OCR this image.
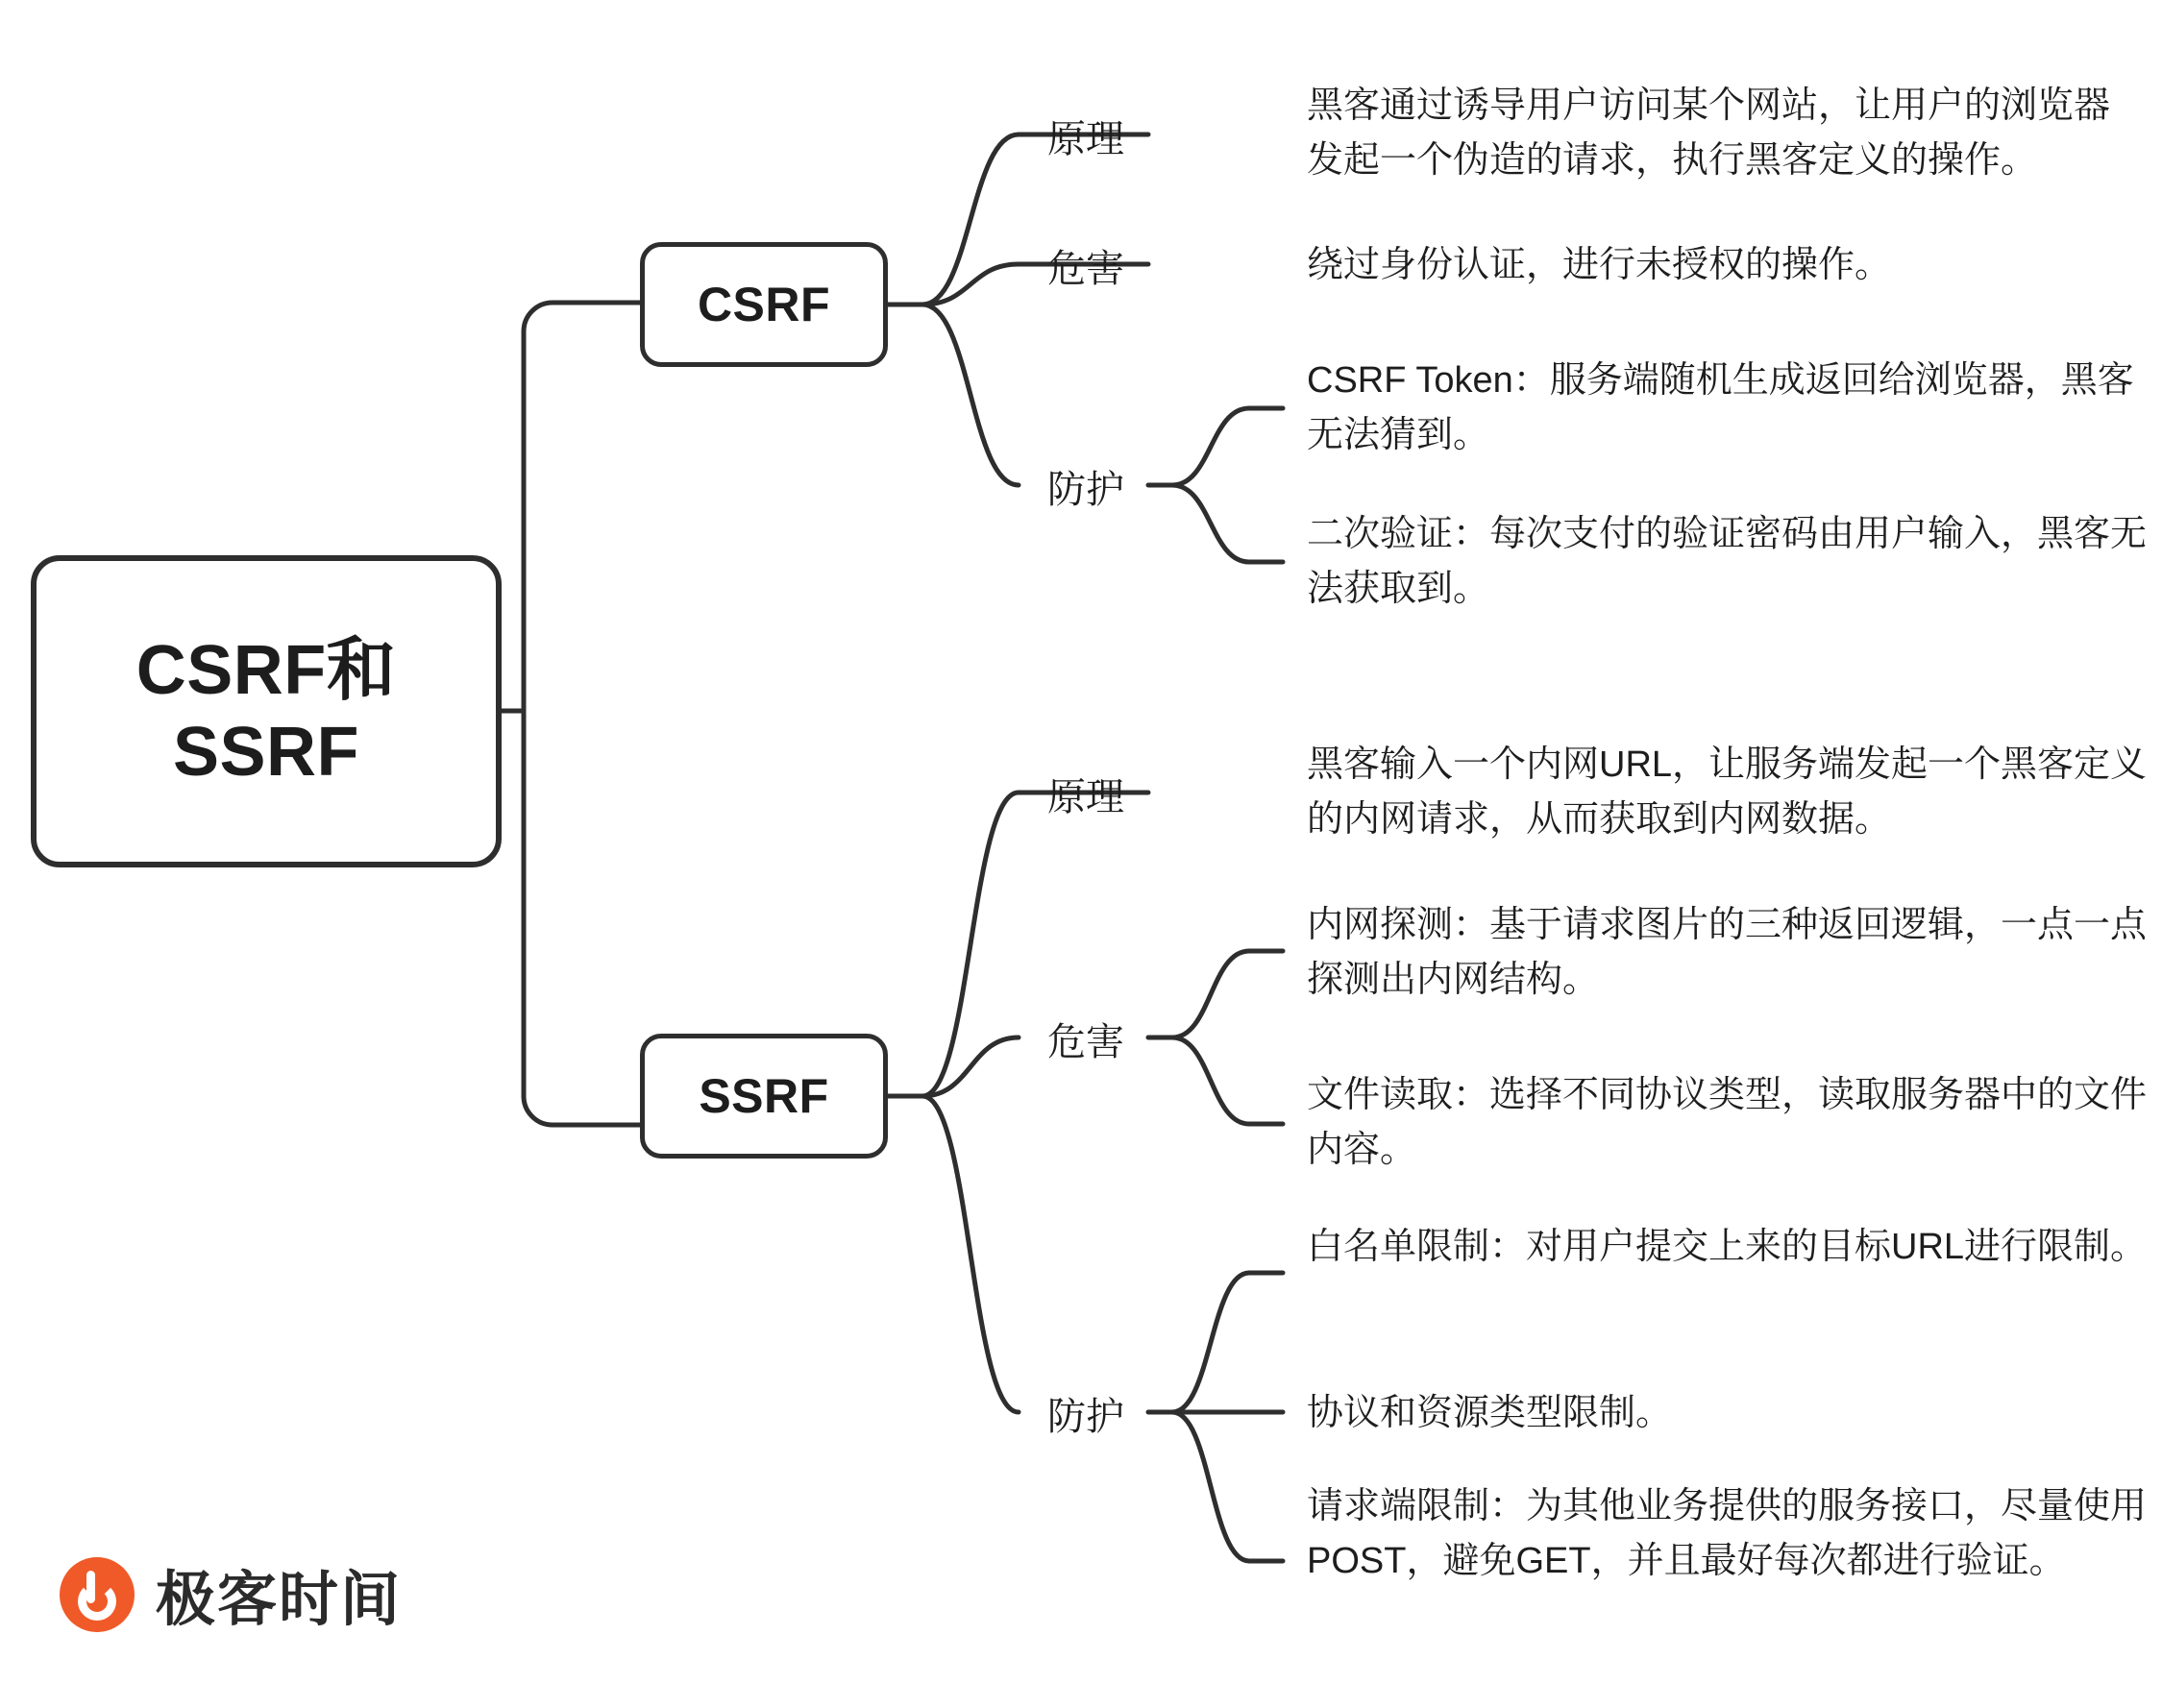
CSRF和
SSRF
CSRF
SSRF
原理
危害
防护
黑客通过诱导用户访问某个网站，让用户的浏览器发起一个伪造的请求，执行黑客定义的操作。
绕过身份认证，进行未授权的操作。
CSRF Token：服务端随机生成返回给浏览器，黑客无法猜到。
二次验证：每次支付的验证密码由用户输入，黑客无法获取到。
原理
危害
防护
黑客输入一个内网URL，让服务端发起一个黑客定义的内网请求，从而获取到内网数据。
内网探测：基于请求图片的三种返回逻辑，一点一点探测出内网结构。
文件读取：选择不同协议类型，读取服务器中的文件内容。
白名单限制：对用户提交上来的目标URL进行限制。
协议和资源类型限制。
请求端限制：为其他业务提供的服务接口，尽量使用POST，避免GET，并且最好每次都进行验证。
极客时间
